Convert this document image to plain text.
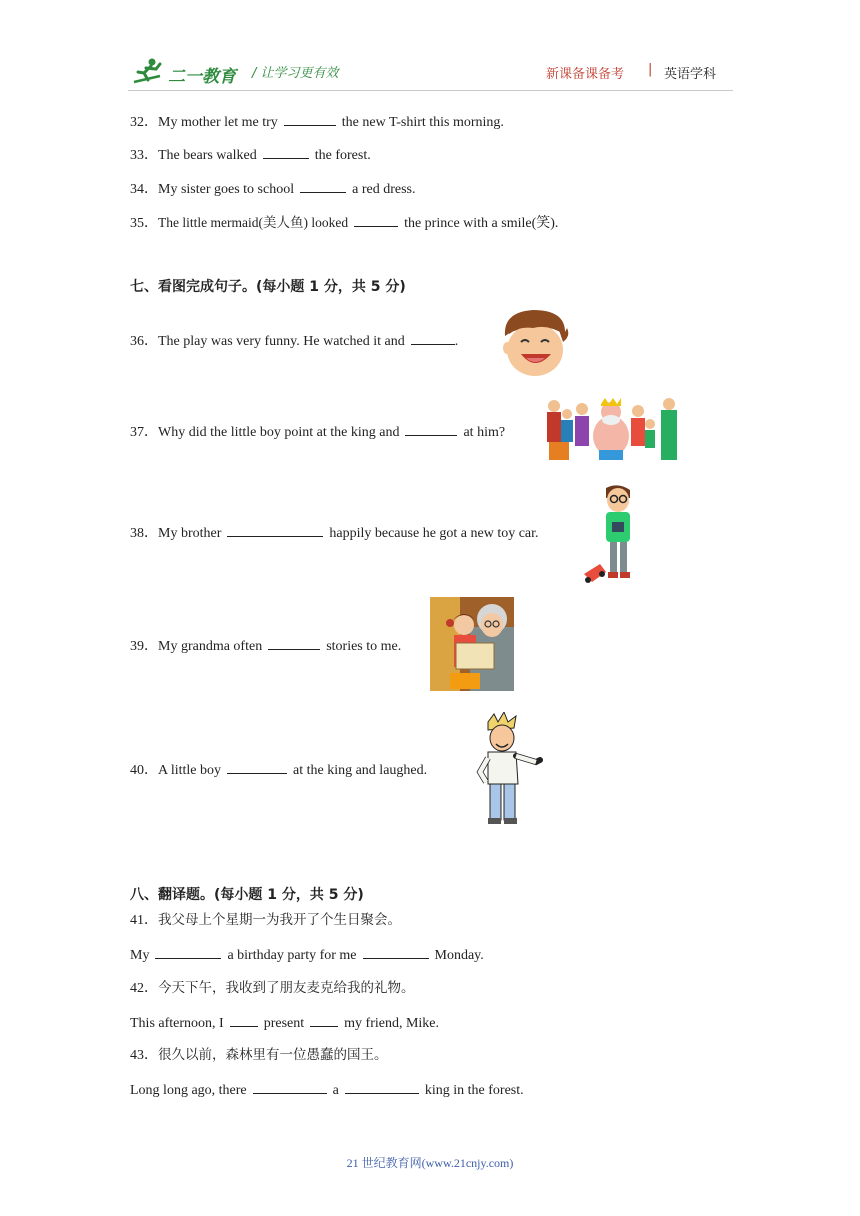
二一教育 / 让学习更有效	新课备课备考 | 英语学科
32．My mother let me try	the new T-shirt this morning.
33．The bears walked	the forest.
34．My sister goes to school	a red dress.
35．The little mermaid(美人鱼) looked	the prince with a smile(笑).
七、看图完成句子。(每小题 1 分，共 5 分)
36．The play was very funny. He watched it and	.
37．Why did the little boy point at the king and	at him?
38．My brother	happily because he got a new toy car.
39．My grandma often	stories to me.
40．A little boy	at the king and laughed.
八、翻译题。(每小题 1 分，共 5 分)
41．我父母上个星期一为我开了个生日聚会。
My	a birthday party for me	Monday.
42．今天下午，我收到了朋友麦克给我的礼物。
This afternoon, I	present	my friend, Mike.
43．很久以前，森林里有一位愚蠢的国王。
Long long ago, there	a	king in the forest.
21 世纪教育网(www.21cnjy.com)
